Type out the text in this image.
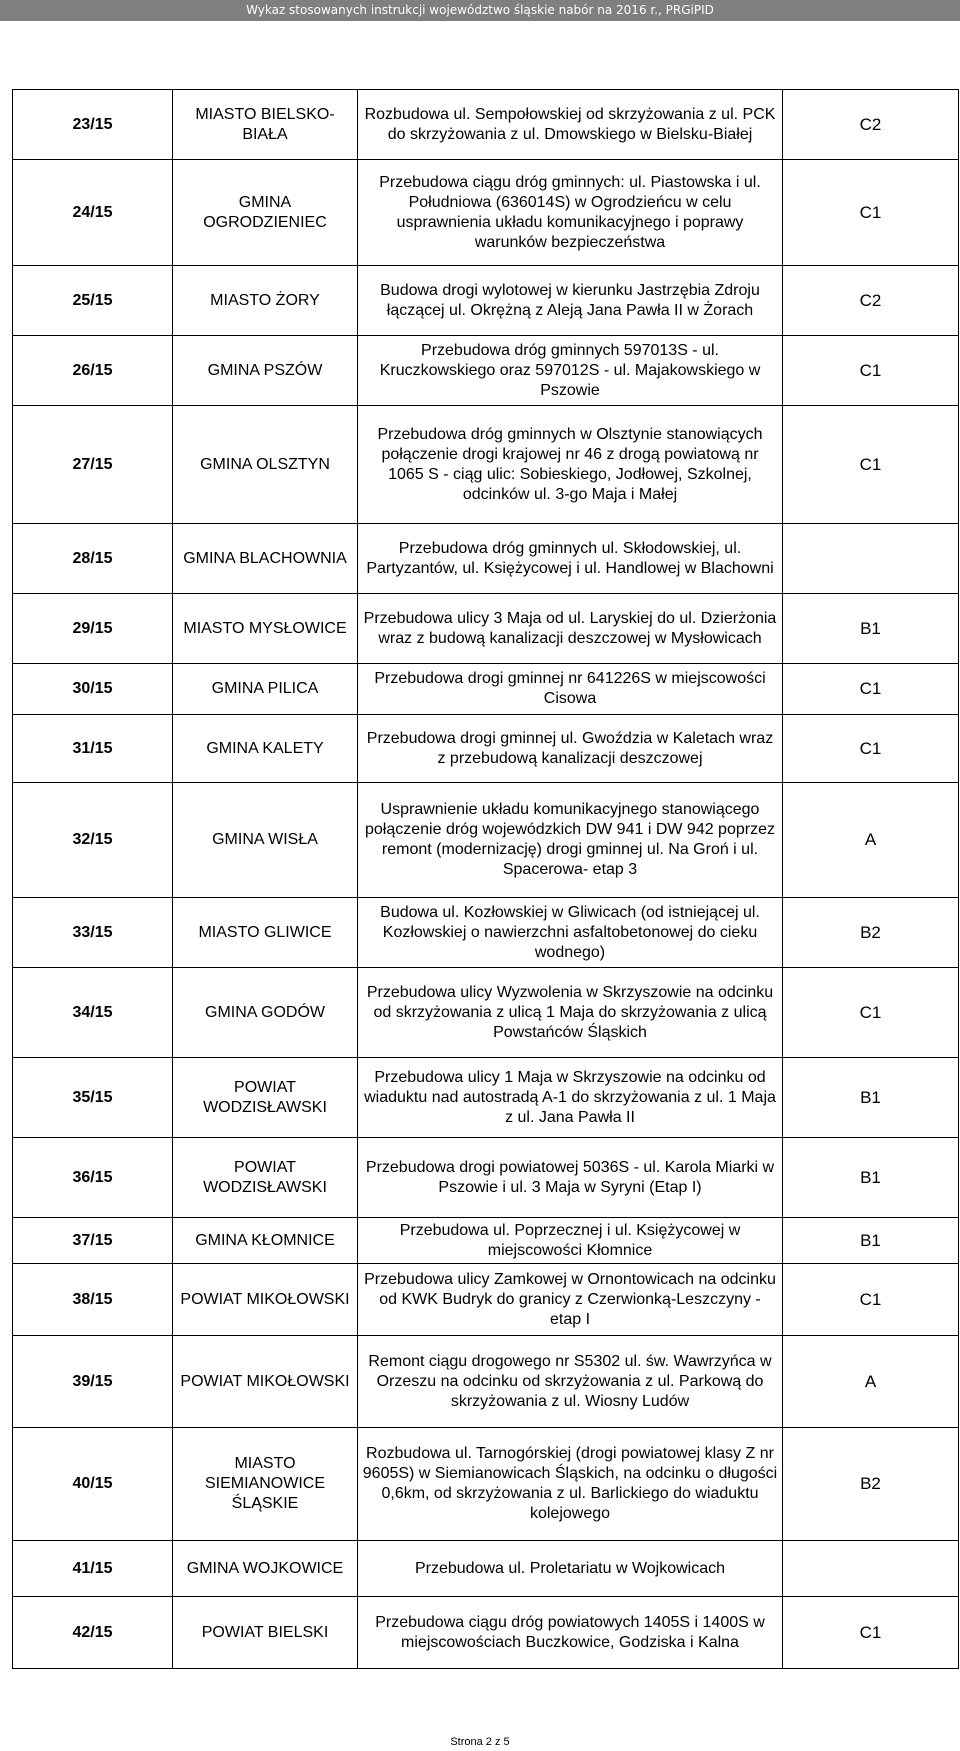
Wykaz stosowanych instrukcji województwo śląskie nabór na 2016 r., PRGiPID
23/15	MIASTO BIELSKO-BIAŁA	Rozbudowa ul. Sempołowskiej od skrzyżowania z ul. PCK do skrzyżowania z ul. Dmowskiego w Bielsku-Białej	C2
24/15	GMINA OGRODZIENIEC	Przebudowa ciągu dróg gminnych: ul. Piastowska i ul. Południowa (636014S) w Ogrodzieńcu w celu usprawnienia układu komunikacyjnego i poprawy warunków bezpieczeństwa	C1
25/15	MIASTO ŻORY	Budowa drogi wylotowej w kierunku Jastrzębia Zdroju łączącej ul. Okrężną z Aleją Jana Pawła II w Żorach	C2
26/15	GMINA PSZÓW	Przebudowa dróg gminnych 597013S - ul. Kruczkowskiego oraz 597012S - ul. Majakowskiego w Pszowie	C1
27/15	GMINA OLSZTYN	Przebudowa dróg gminnych w Olsztynie stanowiących połączenie drogi krajowej nr 46 z drogą powiatową nr 1065 S - ciąg ulic: Sobieskiego, Jodłowej, Szkolnej, odcinków ul. 3-go Maja i Małej	C1
28/15	GMINA BLACHOWNIA	Przebudowa dróg gminnych ul. Skłodowskiej, ul. Partyzantów, ul. Księżycowej i ul. Handlowej w Blachowni	
29/15	MIASTO MYSŁOWICE	Przebudowa ulicy 3 Maja od ul. Laryskiej do ul. Dzierżonia wraz z budową kanalizacji deszczowej w Mysłowicach	B1
30/15	GMINA PILICA	Przebudowa drogi gminnej nr 641226S w miejscowości Cisowa	C1
31/15	GMINA KALETY	Przebudowa drogi gminnej ul. Gwoździa w Kaletach wraz z przebudową kanalizacji deszczowej	C1
32/15	GMINA WISŁA	Usprawnienie układu komunikacyjnego stanowiącego połączenie dróg wojewódzkich DW 941 i DW 942 poprzez remont (modernizację) drogi gminnej ul. Na Groń i ul. Spacerowa- etap 3	A
33/15	MIASTO GLIWICE	Budowa ul. Kozłowskiej w Gliwicach (od istniejącej ul. Kozłowskiej o nawierzchni asfaltobetonowej do cieku wodnego)	B2
34/15	GMINA GODÓW	Przebudowa ulicy Wyzwolenia w Skrzyszowie na odcinku od skrzyżowania z ulicą 1 Maja do skrzyżowania z ulicą Powstańców Śląskich	C1
35/15	POWIAT WODZISŁAWSKI	Przebudowa ulicy 1 Maja w Skrzyszowie na odcinku od wiaduktu nad autostradą A-1 do skrzyżowania z ul. 1 Maja z ul. Jana Pawła II	B1
36/15	POWIAT WODZISŁAWSKI	Przebudowa drogi powiatowej 5036S - ul. Karola Miarki w Pszowie i ul. 3 Maja w Syryni (Etap I)	B1
37/15	GMINA KŁOMNICE	Przebudowa ul. Poprzecznej i ul. Księżycowej w miejscowości Kłomnice	B1
38/15	POWIAT MIKOŁOWSKI	Przebudowa ulicy Zamkowej w Ornontowicach na odcinku od KWK Budryk do granicy z Czerwionką-Leszczyny - etap I	C1
39/15	POWIAT MIKOŁOWSKI	Remont ciągu drogowego nr S5302 ul. św. Wawrzyńca w Orzeszu na odcinku od skrzyżowania z ul. Parkową do skrzyżowania z ul. Wiosny Ludów	A
40/15	MIASTO SIEMIANOWICE ŚLĄSKIE	Rozbudowa ul. Tarnogórskiej (drogi powiatowej klasy Z nr 9605S) w Siemianowicach Śląskich, na odcinku o długości 0,6km, od skrzyżowania z ul. Barlickiego do wiaduktu kolejowego	B2
41/15	GMINA WOJKOWICE	Przebudowa ul. Proletariatu w Wojkowicach	
42/15	POWIAT BIELSKI	Przebudowa ciągu dróg powiatowych 1405S i 1400S w miejscowościach Buczkowice, Godziska i Kalna	C1
Strona 2 z 5
